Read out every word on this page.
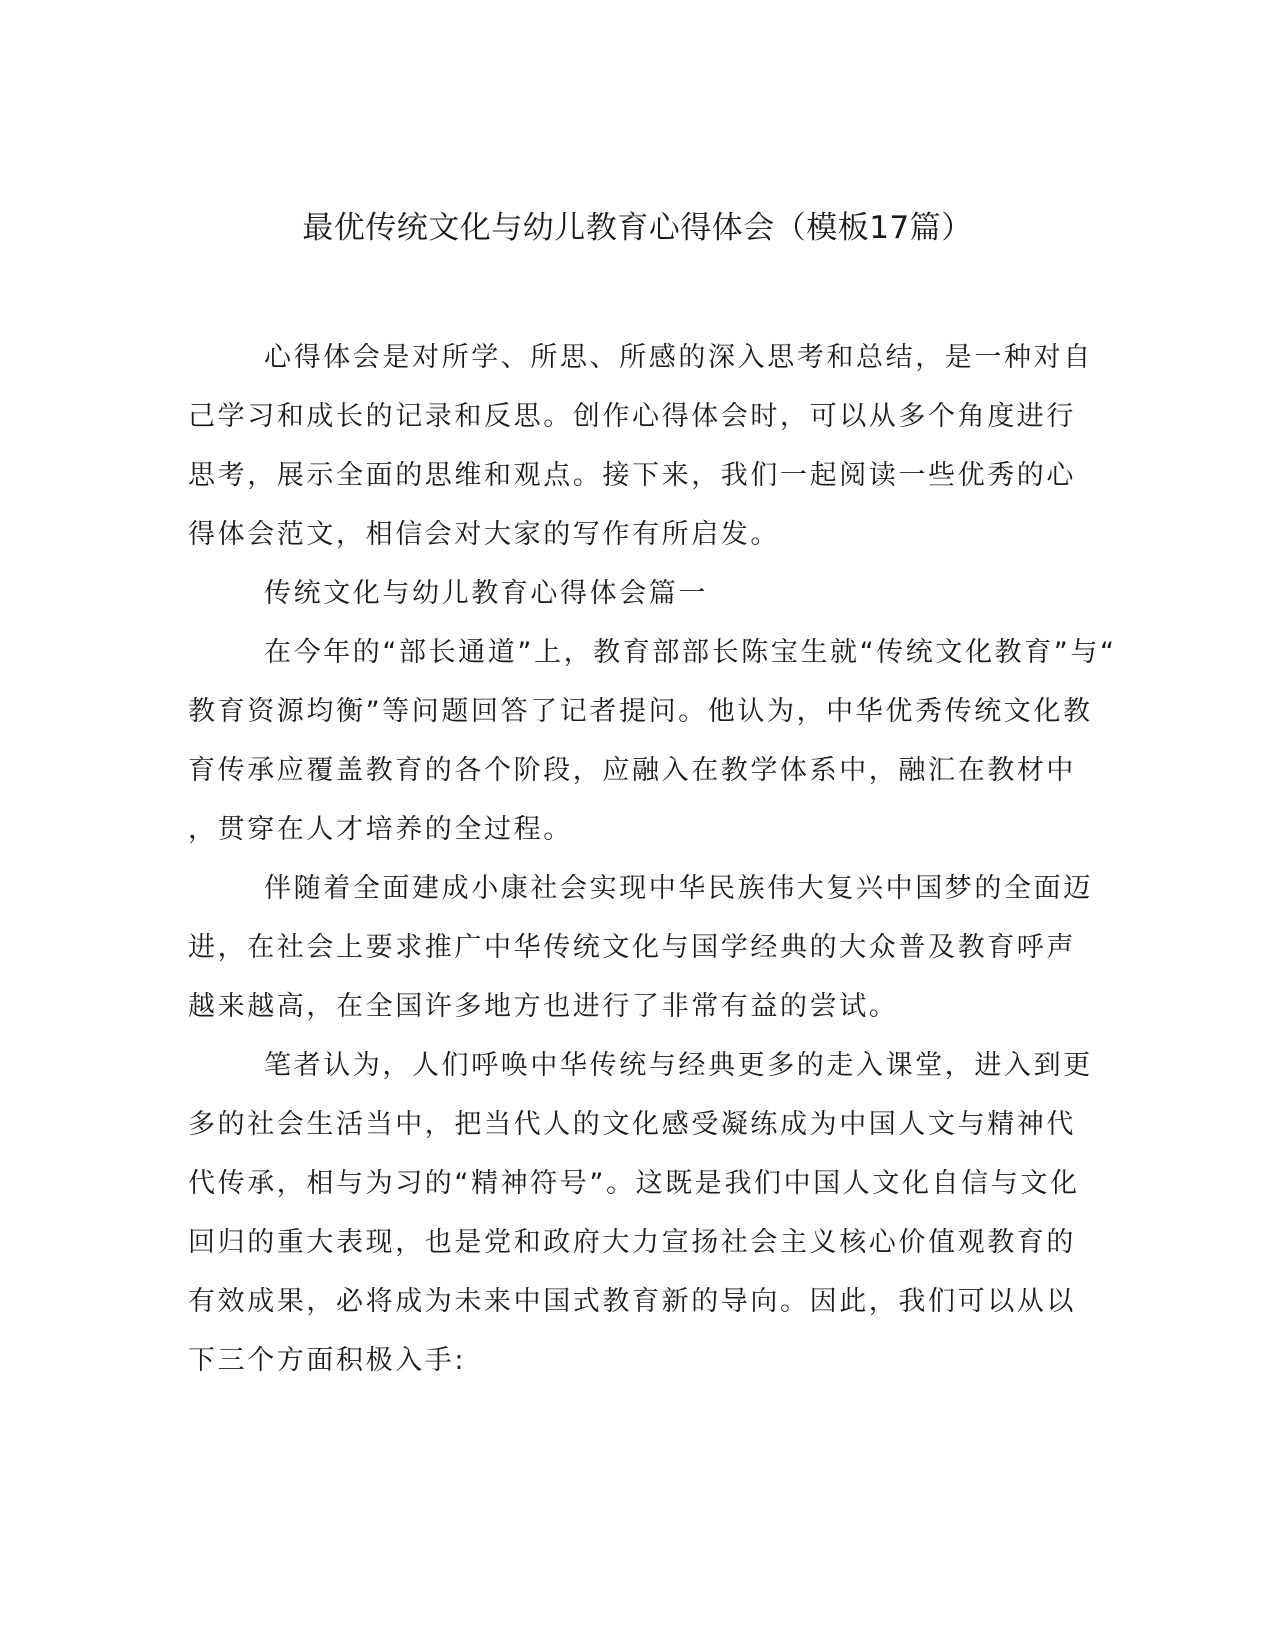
最优传统文化与幼儿教育心得体会（模板17篇）
心得体会是对所学、所思、所感的深入思考和总结，是一种对自
己学习和成长的记录和反思。创作心得体会时，可以从多个角度进行
思考，展示全面的思维和观点。接下来，我们一起阅读一些优秀的心
得体会范文，相信会对大家的写作有所启发。
传统文化与幼儿教育心得体会篇一
在今年的“部长通道”上，教育部部长陈宝生就“传统文化教育”与“
教育资源均衡”等问题回答了记者提问。他认为，中华优秀传统文化教
育传承应覆盖教育的各个阶段，应融入在教学体系中，融汇在教材中
，贯穿在人才培养的全过程。
伴随着全面建成小康社会实现中华民族伟大复兴中国梦的全面迈
进，在社会上要求推广中华传统文化与国学经典的大众普及教育呼声
越来越高，在全国许多地方也进行了非常有益的尝试。
笔者认为，人们呼唤中华传统与经典更多的走入课堂，进入到更
多的社会生活当中，把当代人的文化感受凝练成为中国人文与精神代
代传承，相与为习的“精神符号”。这既是我们中国人文化自信与文化
回归的重大表现，也是党和政府大力宣扬社会主义核心价值观教育的
有效成果，必将成为未来中国式教育新的导向。因此，我们可以从以
下三个方面积极入手:
